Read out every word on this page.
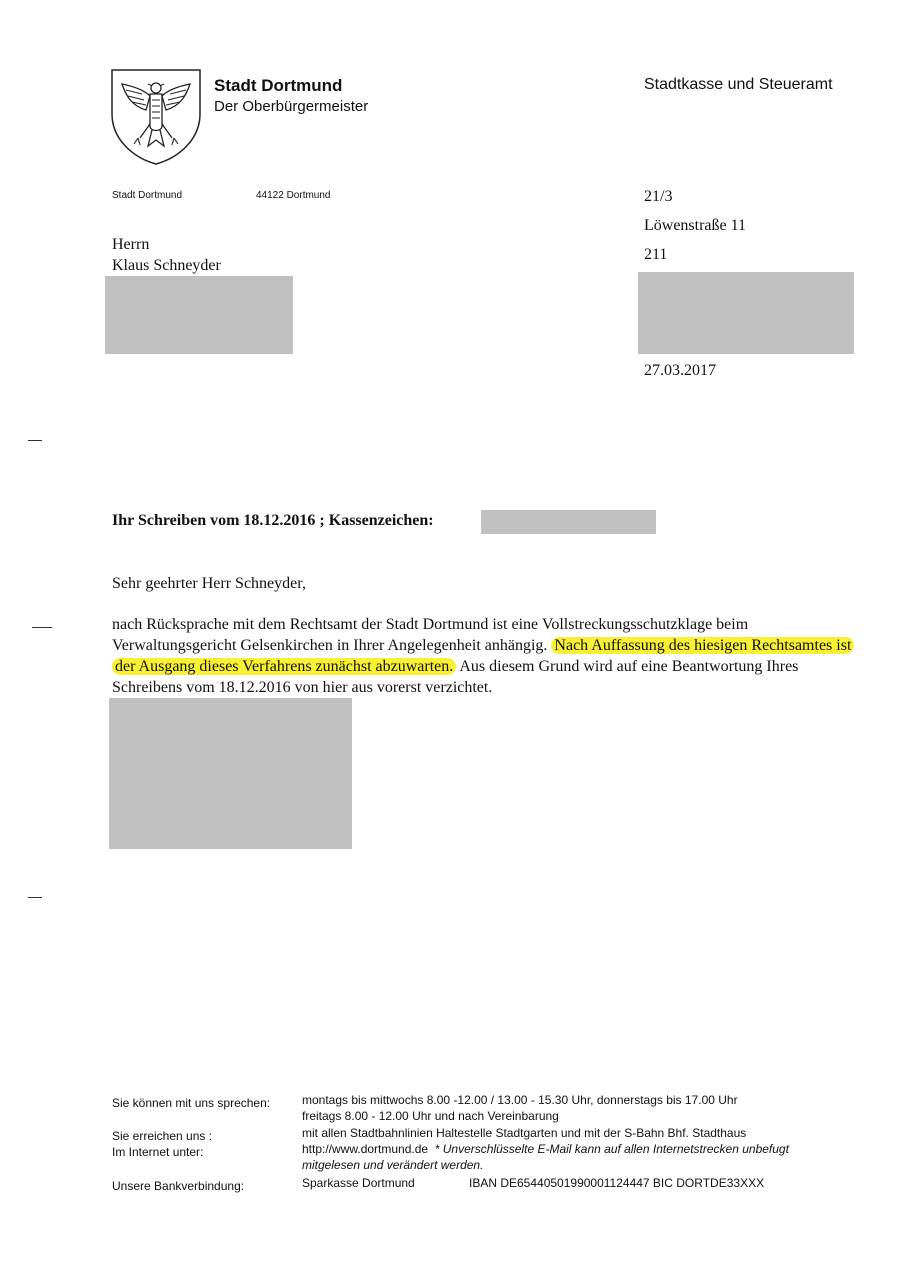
Stadt Dortmund
Der Oberbürgermeister
Stadtkasse und Steueramt
Stadt Dortmund	44122 Dortmund
Herrn
Klaus Schneyder
21/3
Löwenstraße 11
211
27.03.2017
Ihr Schreiben vom 18.12.2016 ; Kassenzeichen:
Sehr geehrter Herr Schneyder,
nach Rücksprache mit dem Rechtsamt der Stadt Dortmund ist eine Vollstreckungsschutzklage beim Verwaltungsgericht Gelsenkirchen in Ihrer Angelegenheit anhängig. Nach Auffassung des hiesigen Rechtsamtes ist der Ausgang dieses Verfahrens zunächst abzuwarten. Aus diesem Grund wird auf eine Beantwortung Ihres Schreibens vom 18.12.2016 von hier aus vorerst verzichtet.
Sie können mit uns sprechen:	montags bis mittwochs 8.00 -12.00 / 13.00 - 15.30 Uhr, donnerstags bis 17.00 Uhr
freitags 8.00 - 12.00 Uhr und nach Vereinbarung
Sie erreichen uns :	mit allen Stadtbahnlinien Haltestelle Stadtgarten und mit der S-Bahn Bhf. Stadthaus
Im Internet unter:	http://www.dortmund.de * Unverschlüsselte E-Mail kann auf allen Internetstrecken unbefugt
mitgelesen und verändert werden.
Unsere Bankverbindung:	Sparkasse Dortmund	IBAN DE65440501990001124447 BIC DORTDE33XXX
